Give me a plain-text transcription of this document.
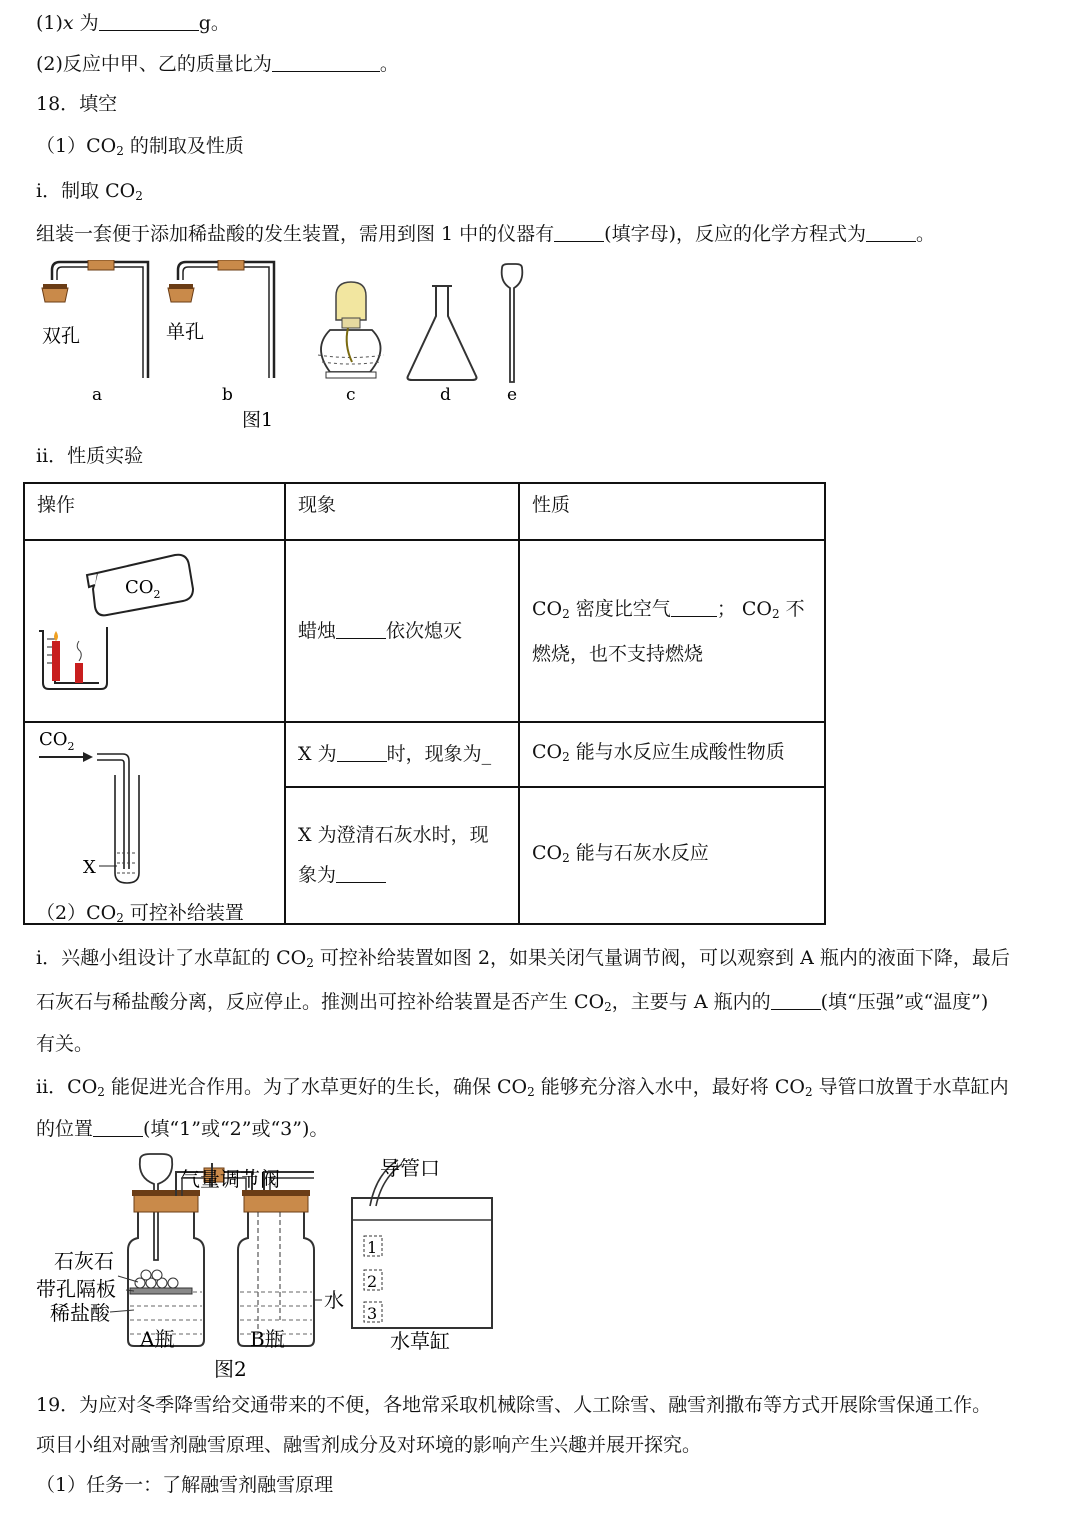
(1)x 为	g。
(2)反应中甲、乙的质量比为	。
18．填空
$(1)CO_2$ 的制取及性质
i．制取 $CO_2$
组装一套便于添加稀盐酸的发生装置，需用到图 1 中的仪器有	(填字母)，反应的化学方程式为	。
双孔	单孔
a	b	c	d	e
图1
ii．性质实验
操作	现象	性质

$CO_2$	蜡烛 依次熄灭	$CO_2$ 密度比空气 ； $CO_2$ 不
燃烧，也不支持燃烧

$CO_2$
X	X 为 时，现象为_	$CO_2$ 能与水反应生成酸性物质
	X 为澄清石灰水时，现
象为	$CO_2$ 能与石灰水反应
$(2)CO_2$ 可控补给装置
i．兴趣小组设计了水草缸的 $CO_2$ 可控补给装置如图 2，如果关闭气量调节阀，可以观察到 A 瓶内的液面下降，最后
石灰石与稀盐酸分离，反应停止。推测出可控补给装置是否产生 $CO_2$，主要与 A 瓶内的	(填“压强”或“温度”)
有关。
ii．$CO_2$ 能促进光合作用。为了水草更好的生长，确保 $CO_2$ 能够充分溶入水中，最好将 $CO_2$ 导管口放置于水草缸内
的位置	(填“1”或“2”或“3”)。
气量调节阀
石灰石
带孔隔板
稀盐酸
水
A瓶	B瓶
图2
导管口
1
2
3
水草缸
19．为应对冬季降雪给交通带来的不便，各地常采取机械除雪、人工除雪、融雪剂撒布等方式开展除雪保通工作。
项目小组对融雪剂融雪原理、融雪剂成分及对环境的影响产生兴趣并展开探究。
（1）任务一：了解融雪剂融雪原理
